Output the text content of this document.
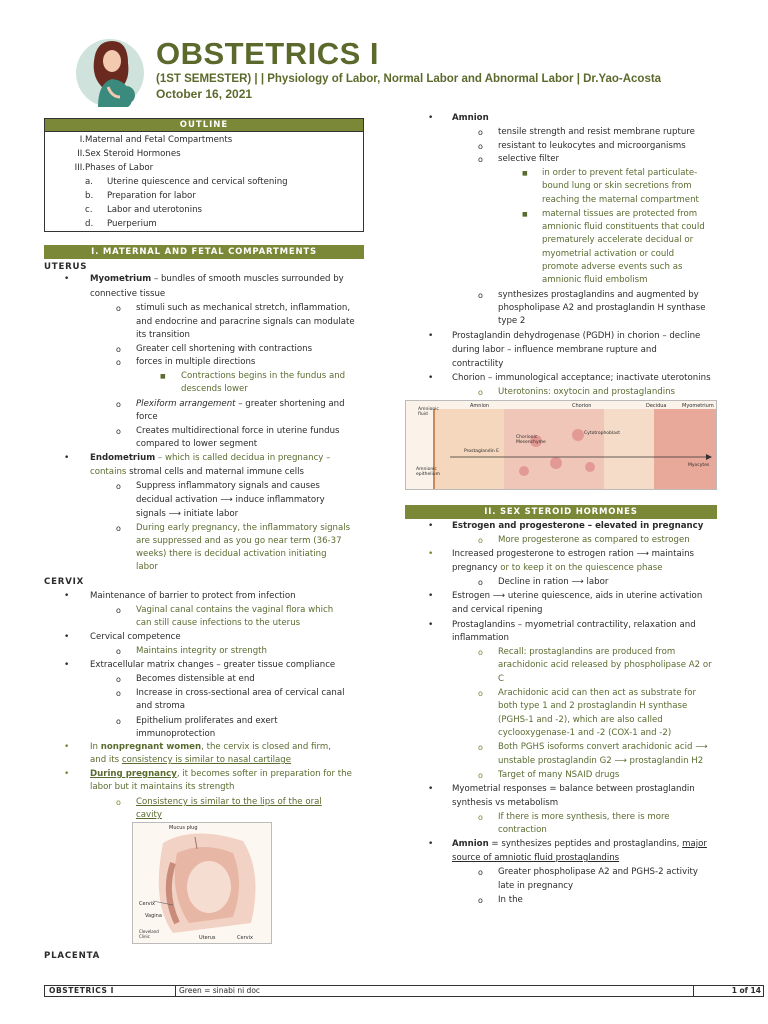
OBSTETRICS I
(1ST SEMESTER) | | Physiology of Labor, Normal Labor and Abnormal Labor | Dr.Yao-Acosta
October 16, 2021
OUTLINE
I. Maternal and Fetal Compartments
II. Sex Steroid Hormones
III. Phases of Labor
a. Uterine quiescence and cervical softening
b. Preparation for labor
c. Labor and uterotonins
d. Puerperium
I. MATERNAL AND FETAL COMPARTMENTS
UTERUS
• Myometrium – bundles of smooth muscles surrounded by
connective tissue
o stimuli such as mechanical stretch, inflammation,
and endocrine and paracrine signals can modulate
its transition
o Greater cell shortening with contractions
o forces in multiple directions
■ Contractions begins in the fundus and
descends lower
o Plexiform arrangement – greater shortening and
force
o Creates multidirectional force in uterine fundus
compared to lower segment
• Endometrium – which is called decidua in pregnancy –
contains stromal cells and maternal immune cells
o Suppress inflammatory signals and causes
decidual activation ⟶ induce inflammatory
signals ⟶ initiate labor
o During early pregnancy, the inflammatory signals
are suppressed and as you go near term (36-37
weeks) there is decidual activation initiating
labor
CERVIX
• Maintenance of barrier to protect from infection
o Vaginal canal contains the vaginal flora which
can still cause infections to the uterus
• Cervical competence
o Maintains integrity or strength
• Extracellular matrix changes – greater tissue compliance
o Becomes distensible at end
o Increase in cross-sectional area of cervical canal
and stroma
o Epithelium proliferates and exert
immunoprotection
• In nonpregnant women, the cervix is closed and firm,
and its consistency is similar to nasal cartilage
• During pregnancy, it becomes softer in preparation for the
labor but it maintains its strength
o Consistency is similar to the lips of the oral
cavity
Mucus plug
Cervix
Vagina
Uterus	Cervix
Cleveland Clinic
PLACENTA
• Amnion
o tensile strength and resist membrane rupture
o resistant to leukocytes and microorganisms
o selective filter
■ in order to prevent fetal particulate-
bound lung or skin secretions from
reaching the maternal compartment
■ maternal tissues are protected from
amnionic fluid constituents that could
prematurely accelerate decidual or
myometrial activation or could
promote adverse events such as
amnionic fluid embolism
o synthesizes prostaglandins and augmented by
phospholipase A2 and prostaglandin H synthase
type 2
• Prostaglandin dehydrogenase (PGDH) in chorion – decline
during labor – influence membrane rupture and
contractility
• Chorion – immunological acceptance; inactivate uterotonins
o Uterotonins: oxytocin and prostaglandins
Amnionic fluid
Amnion	Chorion	Decidua	Myometrium
Chorionic Mesenchyme
Cytotrophoblast
Prostaglandin E
Amnionic epithelium
Myocytes
II. SEX STEROID HORMONES
• Estrogen and progesterone – elevated in pregnancy
o More progesterone as compared to estrogen
• Increased progesterone to estrogen ration ⟶ maintains
pregnancy or to keep it on the quiescence phase
o Decline in ration ⟶ labor
• Estrogen ⟶ uterine quiescence, aids in uterine activation
and cervical ripening
• Prostaglandins – myometrial contractility, relaxation and
inflammation
o Recall: prostaglandins are produced from
arachidonic acid released by phospholipase A2 or
C
o Arachidonic acid can then act as substrate for
both type 1 and 2 prostaglandin H synthase
(PGHS-1 and -2), which are also called
cyclooxygenase-1 and -2 (COX-1 and -2)
o Both PGHS isoforms convert arachidonic acid ⟶
unstable prostaglandin G2 ⟶ prostaglandin H2
o Target of many NSAID drugs
• Myometrial responses = balance between prostaglandin
synthesis vs metabolism
o If there is more synthesis, there is more
contraction
• Amnion = synthesizes peptides and prostaglandins, major
source of amniotic fluid prostaglandins
o Greater phospholipase A2 and PGHS-2 activity
late in pregnancy
o In the
OBSTETRICS I	Green = sinabi ni doc	1 of 14
